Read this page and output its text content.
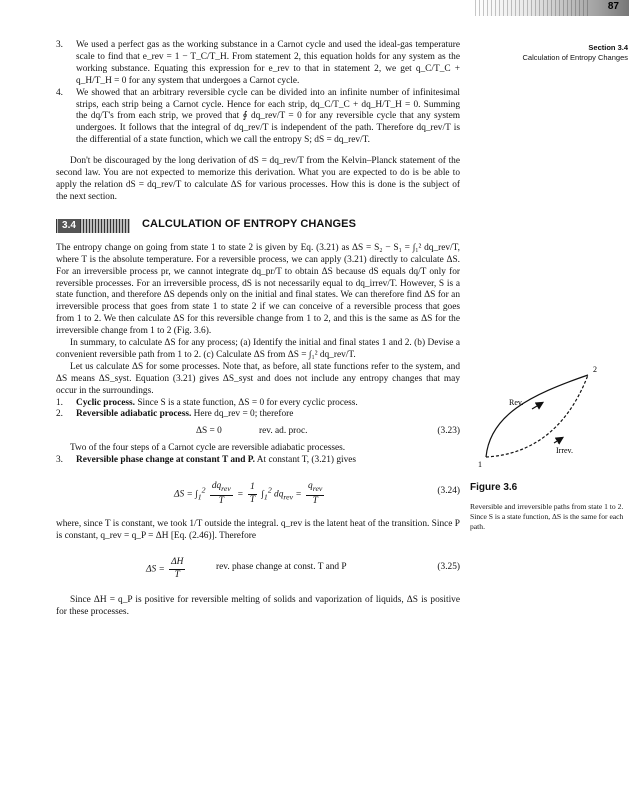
87
Section 3.4
Calculation of Entropy Changes
3. We used a perfect gas as the working substance in a Carnot cycle and used the ideal-gas temperature scale to find that e_rev = 1 − T_C/T_H. From statement 2, this equation holds for any system as the working substance. Equating this expression for e_rev to that in statement 2, we get q_C/T_C + q_H/T_H = 0 for any system that undergoes a Carnot cycle.

4. We showed that an arbitrary reversible cycle can be divided into an infinite number of infinitesimal strips, each strip being a Carnot cycle. Hence for each strip, dq_C/T_C + dq_H/T_H = 0. Summing the dq/T's from each strip, we proved that ∮ dq_rev/T = 0 for any reversible cycle that any system undergoes. It follows that the integral of dq_rev/T is independent of the path. Therefore dq_rev/T is the differential of a state function, which we call the entropy S; dS = dq_rev/T.

Don't be discouraged by the long derivation of dS = dq_rev/T from the Kelvin–Planck statement of the second law. You are not expected to memorize this derivation. What you are expected to do is be able to apply the relation dS = dq_rev/T to calculate ΔS for various processes. How this is done is the subject of the next section.

3.4	CALCULATION OF ENTROPY CHANGES

The entropy change on going from state 1 to state 2 is given by Eq. (3.21) as ΔS = S₂ − S₁ = ∫₁² dq_rev/T, where T is the absolute temperature. For a reversible process, we can apply (3.21) directly to calculate ΔS. For an irreversible process pr, we cannot integrate dq_pr/T to obtain ΔS because dS equals dq/T only for reversible processes. For an irreversible process, dS is not necessarily equal to dq_irrev/T. However, S is a state function, and therefore ΔS depends only on the initial and final states. We can therefore find ΔS for an irreversible process that goes from state 1 to state 2 if we can conceive of a reversible process that goes from 1 to 2. We then calculate ΔS for this reversible change from 1 to 2, and this is the same as ΔS for the irreversible change from 1 to 2 (Fig. 3.6).

In summary, to calculate ΔS for any process; (a) Identify the initial and final states 1 and 2. (b) Devise a convenient reversible path from 1 to 2. (c) Calculate ΔS from ΔS = ∫₁² dq_rev/T.

Let us calculate ΔS for some processes. Note that, as before, all state functions refer to the system, and ΔS means ΔS_syst. Equation (3.21) gives ΔS_syst and does not include any entropy changes that may occur in the surroundings.

1. Cyclic process. Since S is a state function, ΔS = 0 for every cyclic process.

2. Reversible adiabatic process. Here dq_rev = 0; therefore

ΔS = 0	rev. ad. proc.	(3.23)

Two of the four steps of a Carnot cycle are reversible adiabatic processes.

3. Reversible phase change at constant T and P. At constant T, (3.21) gives

$\Delta S = \int_1^2 \frac{dq_{rev}}{T} = \frac{1}{T} \int_1^2$ $dq_{rev} = \frac{q_{rev}}{T}$	(3.24)

where, since T is constant, we took 1/T outside the integral. q_rev is the latent heat of the transition. Since P is constant, q_rev = q_P = ΔH [Eq. (2.46)]. Therefore

$\Delta S = \frac{\Delta H}{T}$	rev. phase change at const. T and P	(3.25)

Since ΔH = q_P is positive for reversible melting of solids and vaporization of liquids, ΔS is positive for these processes.

Rev.
Irrev.
1
2
Figure 3.6
Reversible and irreversible paths from state 1 to 2. Since S is a state function, ΔS is the same for each path.
